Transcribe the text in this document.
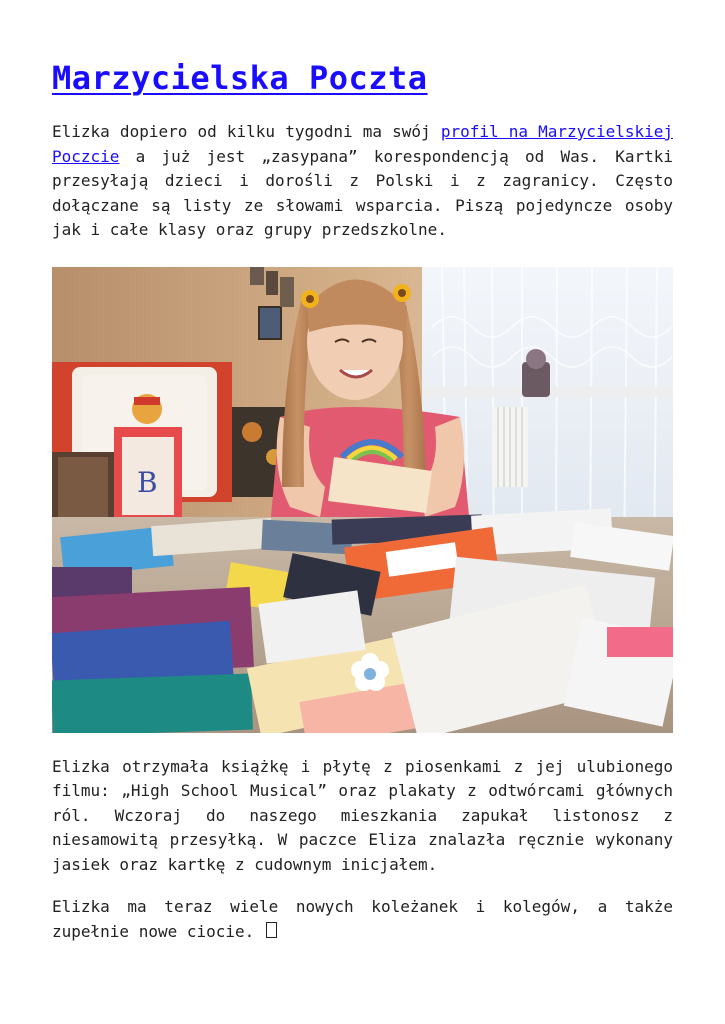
Marzycielska Poczta

Elizka dopiero od kilku tygodni ma swój profil na Marzycielskiej Poczcie a już jest „zasypana” korespondencją od Was. Kartki przesyłają dzieci i dorośli z Polski i z zagranicy. Często dołączane są listy ze słowami wsparcia. Piszą pojedyncze osoby jak i całe klasy oraz grupy przedszkolne.

B

Elizka otrzymała książkę i płytę z piosenkami z jej ulubionego filmu: „High School Musical” oraz plakaty z odtwórcami głównych ról. Wczoraj do naszego mieszkania zapukał listonosz z niesamowitą przesyłką. W paczce Eliza znalazła ręcznie wykonany jasiek oraz kartkę z cudownym inicjałem.

Elizka ma teraz wiele nowych koleżanek i kolegów, a także zupełnie nowe ciocie.
